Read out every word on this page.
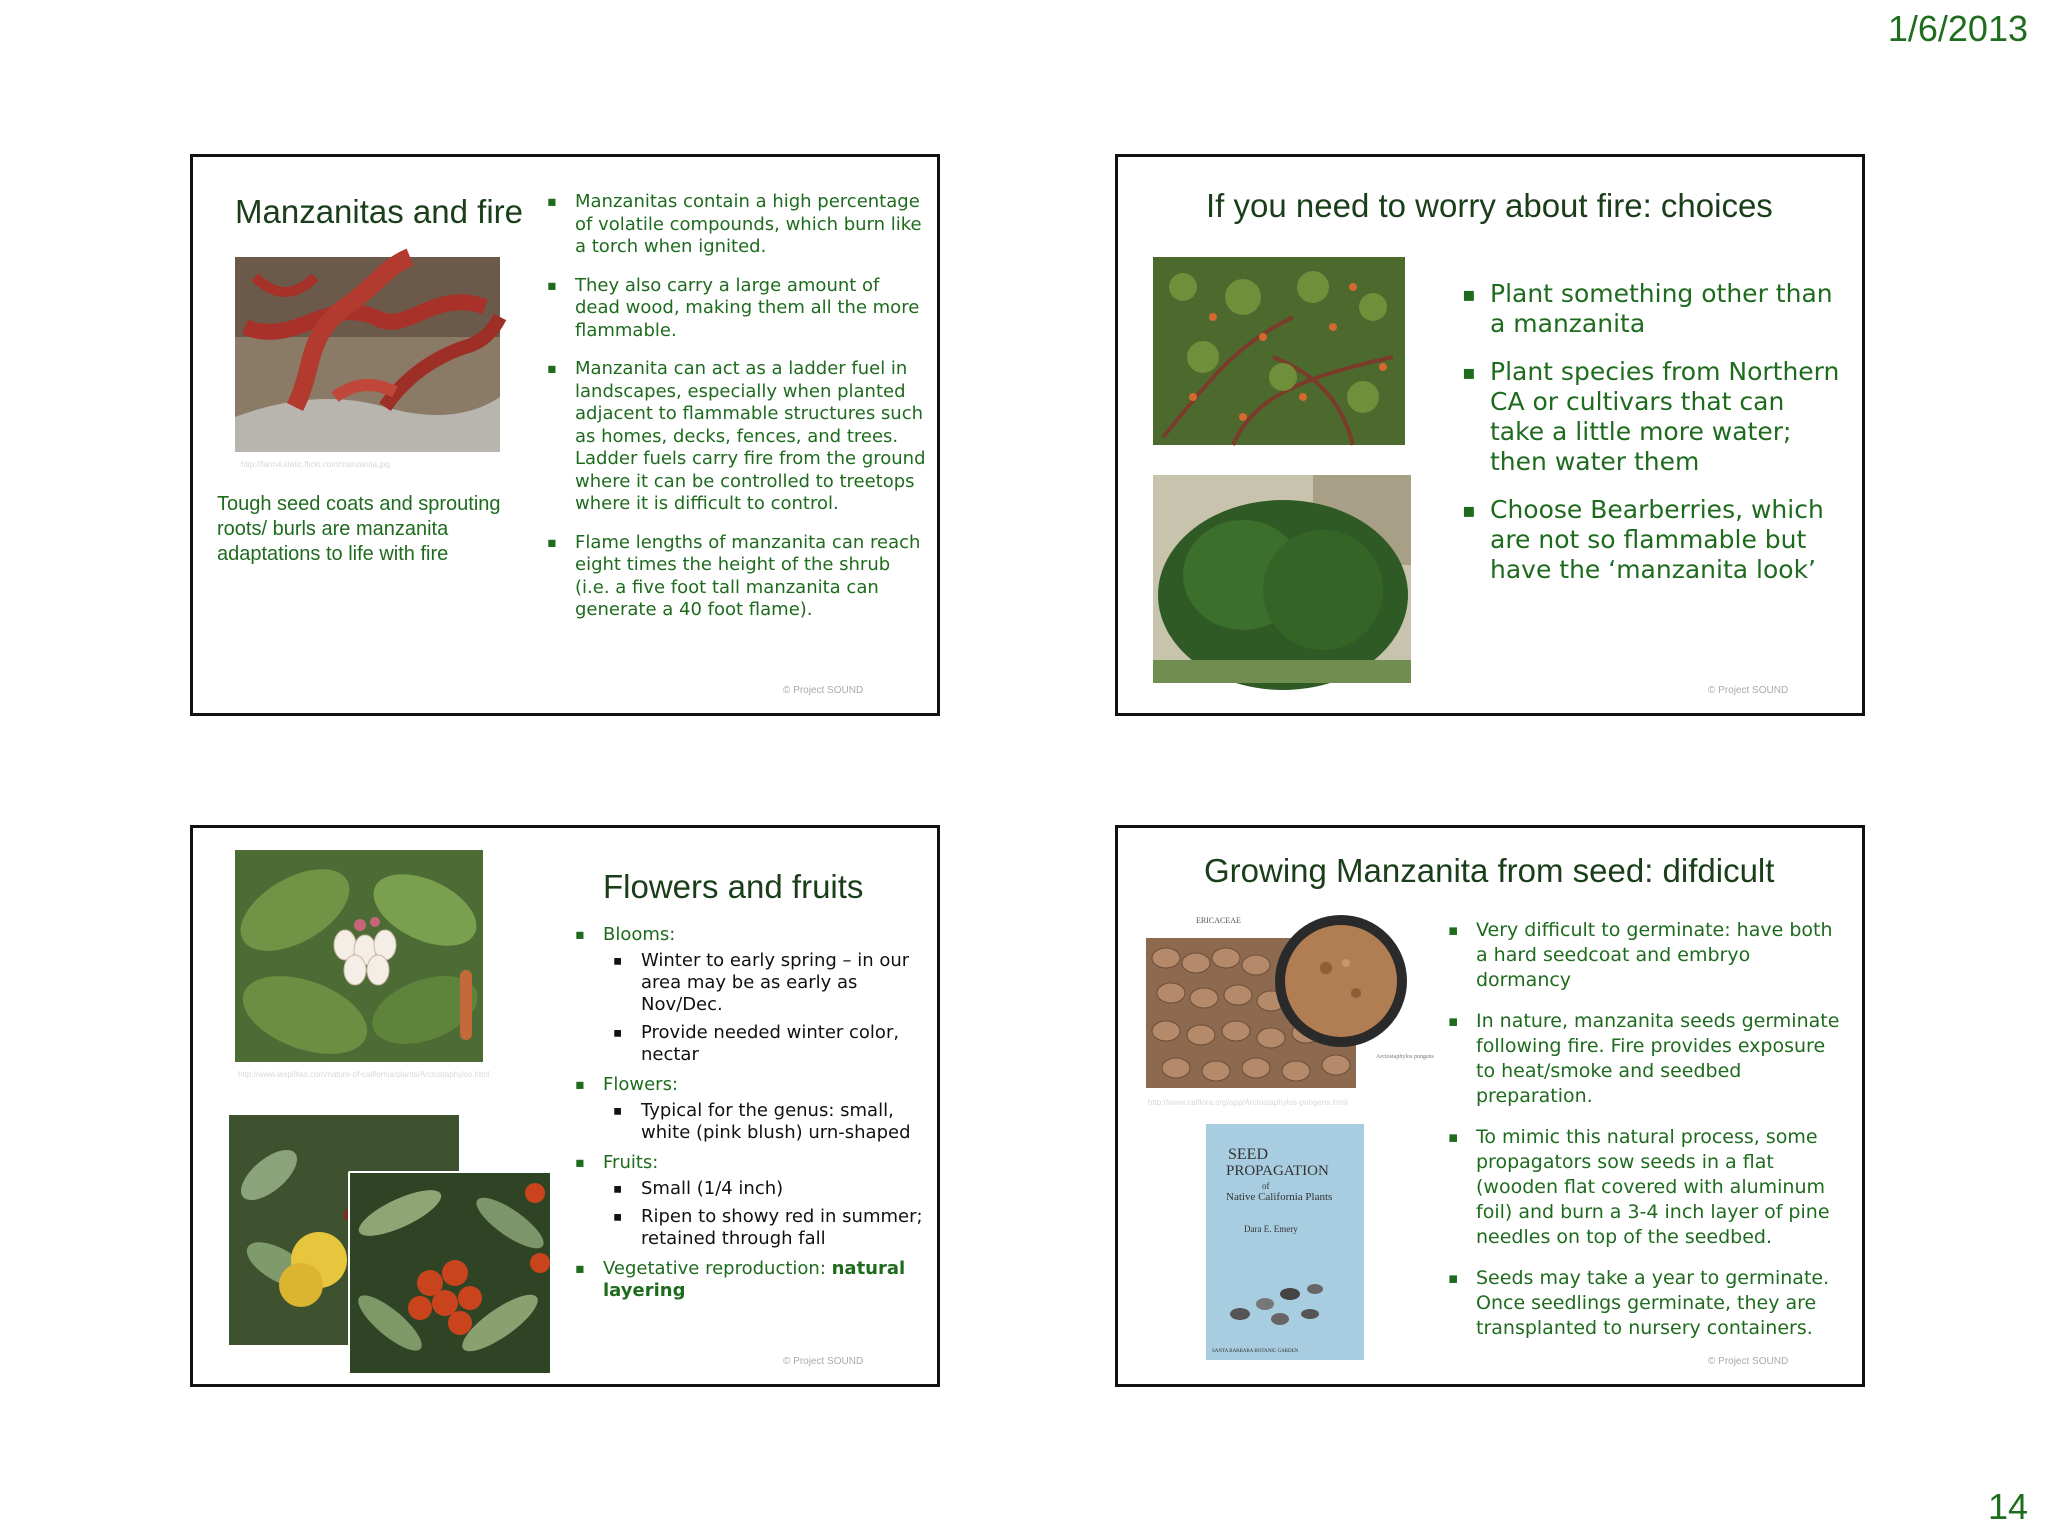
1/6/2013
Manzanitas and fire
http://farm4.static.flickr.com/manzanita.jpg
Tough seed coats and sprouting roots/ burls are manzanita adaptations to life with fire
▪ Manzanitas contain a high percentage of volatile compounds, which burn like a torch when ignited.
▪ They also carry a large amount of dead wood, making them all the more flammable.
▪ Manzanita can act as a ladder fuel in landscapes, especially when planted adjacent to flammable structures such as homes, decks, fences, and trees. Ladder fuels carry fire from the ground where it can be controlled to treetops where it is difficult to control.
▪ Flame lengths of manzanita can reach eight times the height of the shrub (i.e. a five foot tall manzanita can generate a 40 foot flame).
© Project SOUND
If you need to worry about fire: choices
▪ Plant something other than a manzanita
▪ Plant species from Northern CA or cultivars that can take a little more water; then water them
▪ Choose Bearberries, which are not so flammable but have the ‘manzanita look’
© Project SOUND
http://www.laspilitas.com/nature-of-california/plants/Arctostaphylos.html
Flowers and fruits
▪ Blooms:
▪ Winter to early spring – in our area may be as early as Nov/Dec.
▪ Provide needed winter color, nectar
▪ Flowers:
▪ Typical for the genus: small, white (pink blush) urn-shaped
▪ Fruits:
▪ Small (1/4 inch)
▪ Ripen to showy red in summer; retained through fall
▪ Vegetative reproduction: natural layering
© Project SOUND
Growing Manzanita from seed: difdicult
Arctostaphylos pungens
ERICACEAE
http://www.calflora.org/app/Arctostaphylos-pungens.html
SEED
PROPAGATION
of
Native California Plants
Dara E. Emery
SANTA BARBARA BOTANIC GARDEN
▪ Very difficult to germinate: have both a hard seedcoat and embryo dormancy
▪ In nature, manzanita seeds germinate following fire. Fire provides exposure to heat/smoke and seedbed preparation.
▪ To mimic this natural process, some propagators sow seeds in a flat (wooden flat covered with aluminum foil) and burn a 3-4 inch layer of pine needles on top of the seedbed.
▪ Seeds may take a year to germinate. Once seedlings germinate, they are transplanted to nursery containers.
© Project SOUND
14
